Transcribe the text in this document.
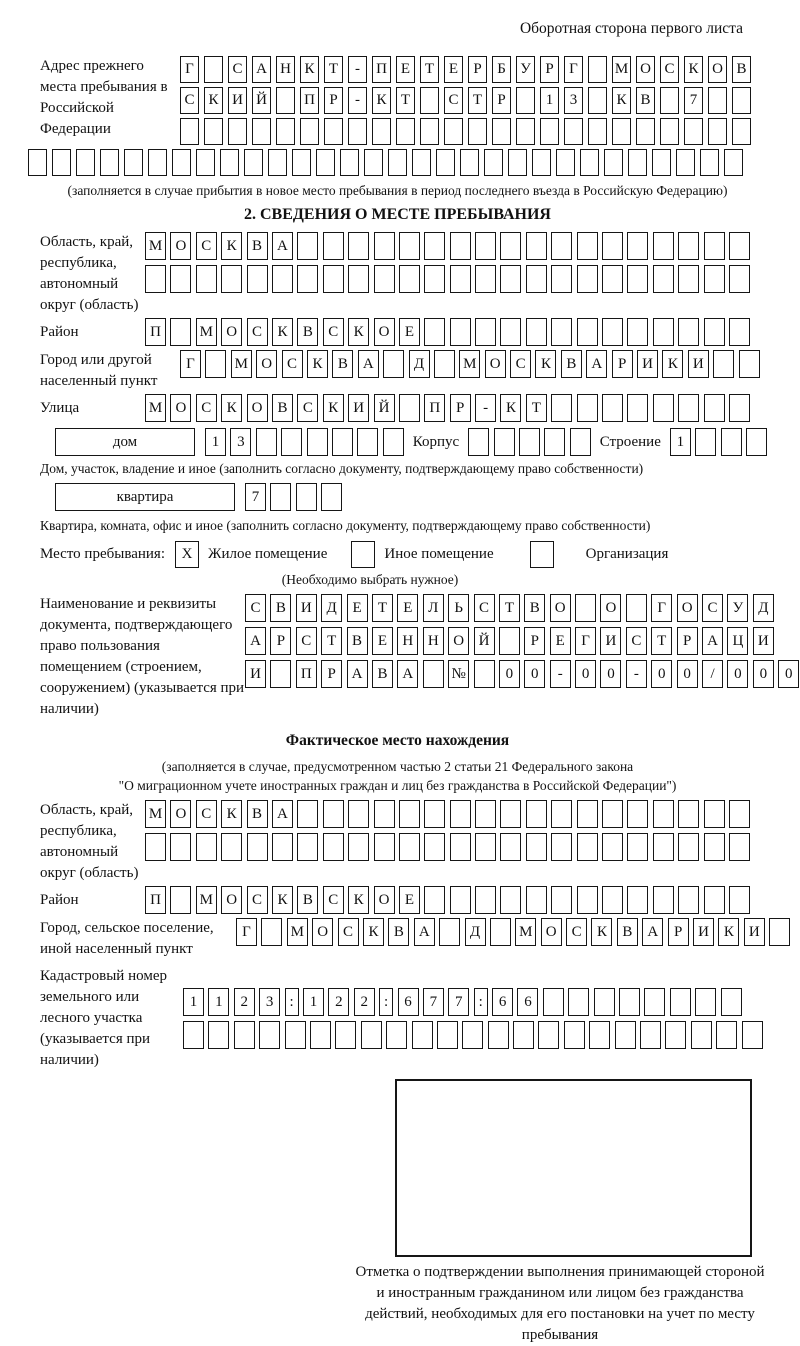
Оборотная сторона первого листа
Адрес прежнего места пребывания в Российской Федерации
Г	С А Н К Т	-	П Е Т Е	Р	Б У Р	Г	М О С К О В
С К И Й П Р	-	К Т	С Т	Р	1	3	К В	7
(заполняется в случае прибытия в новое место пребывания в период последнего въезда в Российскую Федерацию)
2. СВЕДЕНИЯ О МЕСТЕ ПРЕБЫВАНИЯ
Область, край, республика, автономный округ (область)
М О С	К	В А
Район	П	М О С	К	В	С	К О	Е
Город или другой населенный пункт
Г	М О С	К	В А	Д	М О С	К	В А	Р	И К И
Улица	М О С	К О В	С	К И Й	П	Р	-	К	Т
дом	1	3	Корпус	Строение	1
Дом, участок, владение и иное (заполнить согласно документу, подтверждающему право собственности)
квартира	7
Квартира, комната, офис и иное (заполнить согласно документу, подтверждающему право собственности)
Место пребывания:	X	Жилое помещение	Иное помещение	Организация
(Необходимо выбрать нужное)
Наименование и реквизиты документа, подтверждающего право пользования помещением (строением, сооружением) (указывается при наличии)
С	В И Д	Е	Т	Е	Л	Ь	С	Т	В О	О	Г	О С	У Д
А	Р	С	Т	В	Е	Н Н О Й	Р	Е	Г	И С	Т	Р	А Ц И
И	П	Р	А В А	№	0	0	-	0	0	-	0	0	/	0	0	0
Фактическое место нахождения
(заполняется в случае, предусмотренном частью 2 статьи 21 Федерального закона
"О миграционном учете иностранных граждан и лиц без гражданства в Российской Федерации")
Область, край, республика, автономный округ (область)
М О С	К	В А
Район	П	М О С	К	В	С	К О	Е
Город, сельское поселение, иной населенный пункт
Г	М О С	К	В А	Д	М О С	К	В А	Р	И К И
Кадастровый номер земельного или лесного участка (указывается при наличии)
1	1	2	3	:	1	2	2	:	6	7	7	:	6	6
Отметка о подтверждении выполнения принимающей стороной и иностранным гражданином или лицом без гражданства действий, необходимых для его постановки на учет по месту пребывания
